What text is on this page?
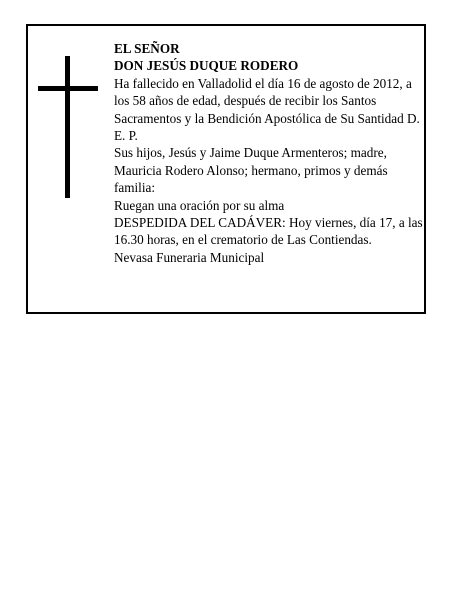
EL SEÑOR

DON JESÚS DUQUE RODERO

Ha fallecido en Valladolid el día 16 de agosto de 2012, a los 58 años de edad, después de recibir los Santos Sacramentos y la Bendición Apostólica de Su Santidad D. E. P.

Sus hijos, Jesús y Jaime Duque Armenteros; madre, Mauricia Rodero Alonso; hermano, primos y demás familia:

Ruegan una oración por su alma

DESPEDIDA DEL CADÁVER: Hoy viernes, día 17, a las 16.30 horas, en el crematorio de Las Contiendas.

Nevasa Funeraria Municipal
